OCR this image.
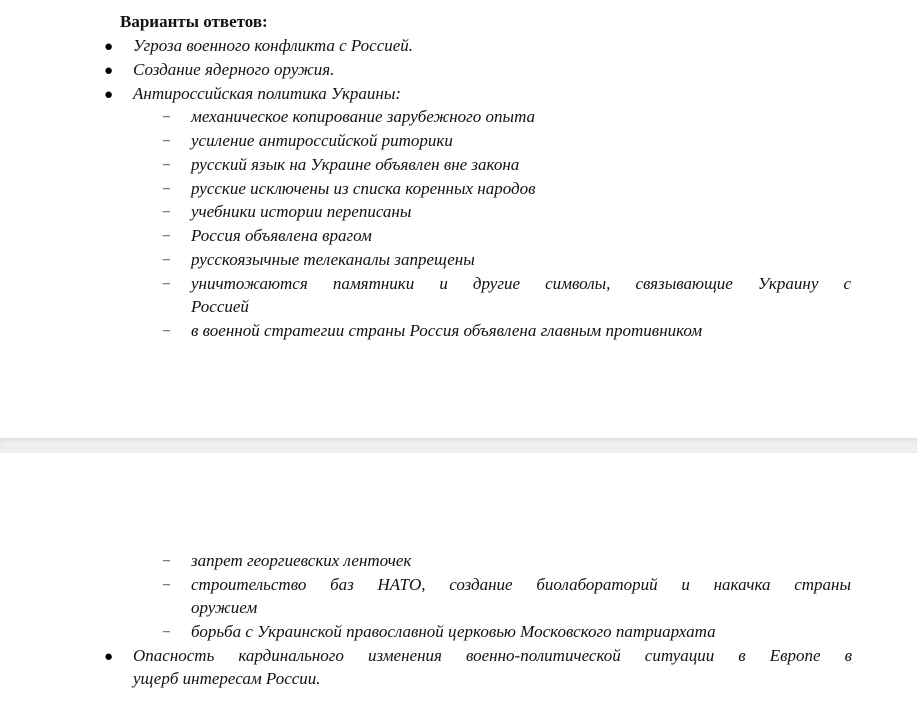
Варианты ответов:

● Угроза военного конфликта с Россией.
● Создание ядерного оружия.
● Антироссийская политика Украины:
– механическое копирование зарубежного опыта
– усиление антироссийской риторики
– русский язык на Украине объявлен вне закона
– русские исключены из списка коренных народов
– учебники истории переписаны
– Россия объявлена врагом
– русскоязычные телеканалы запрещены
– уничтожаются памятники и другие символы, связывающие Украину с
Россией
– в военной стратегии страны Россия объявлена главным противником
– запрет георгиевских ленточек
– строительство баз НАТО, создание биолабораторий и накачка страны
оружием
– борьба с Украинской православной церковью Московского патриархата
● Опасность кардинального изменения военно-политической ситуации в Европе в
ущерб интересам России.
